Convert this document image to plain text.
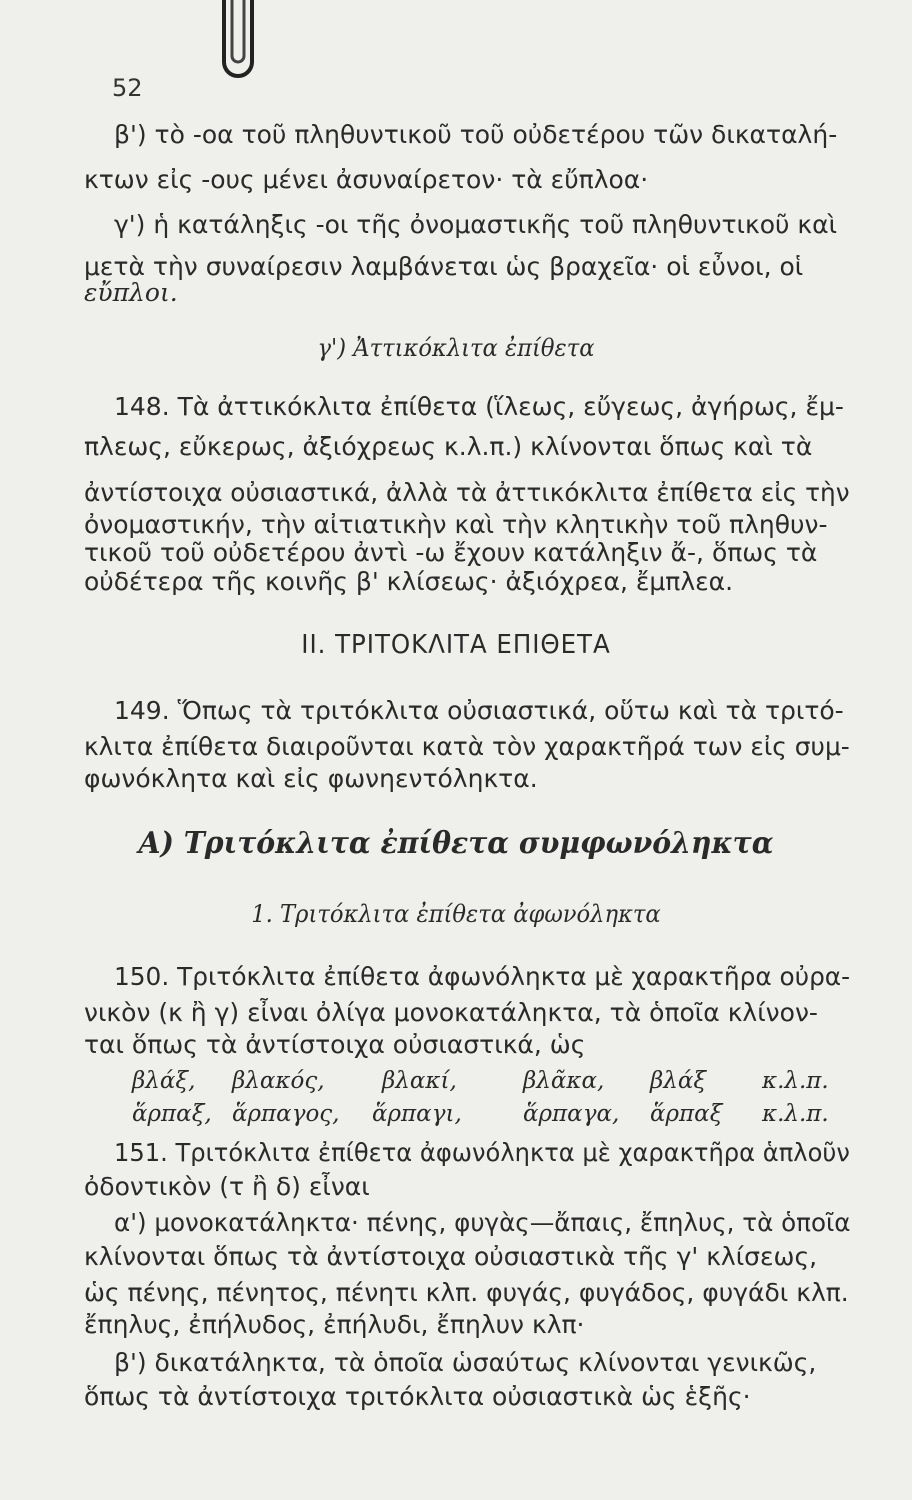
52
β') τὸ -οα τοῦ πληθυντικοῦ τοῦ οὐδετέρου τῶν δικαταλή-
κτων εἰς -ους μένει ἀσυναίρετον· τὰ εὔπλοα·
γ') ἡ κατάληξις -οι τῆς ὀνομαστικῆς τοῦ πληθυντικοῦ καὶ
μετὰ τὴν συναίρεσιν λαμβάνεται ὡς βραχεῖα· οἱ εὖνοι, οἱ
εὔπλοι.
γ') Ἀττικόκλιτα ἐπίθετα
148. Τὰ ἀττικόκλιτα ἐπίθετα (ἵλεως, εὔγεως, ἀγήρως, ἔμ-
πλεως, εὔκερως, ἀξιόχρεως κ.λ.π.) κλίνονται ὅπως καὶ τὰ
ἀντίστοιχα οὐσιαστικά, ἀλλὰ τὰ ἀττικόκλιτα ἐπίθετα εἰς τὴν
ὀνομαστικήν, τὴν αἰτιατικὴν καὶ τὴν κλητικὴν τοῦ πληθυν-
τικοῦ τοῦ οὐδετέρου ἀντὶ -ω ἔχουν κατάληξιν ἄ-, ὅπως τὰ
οὐδέτερα τῆς κοινῆς β' κλίσεως· ἀξιόχρεα, ἔμπλεα.
ΙΙ. ΤΡΙΤΟΚΛΙΤΑ ΕΠΙΘΕΤΑ
149. Ὅπως τὰ τριτόκλιτα οὐσιαστικά, οὕτω καὶ τὰ τριτό-
κλιτα ἐπίθετα διαιροῦνται κατὰ τὸν χαρακτῆρά των εἰς συμ-
φωνόκλητα καὶ εἰς φωνηεντόληκτα.
Α) Τριτόκλιτα ἐπίθετα συμφωνόληκτα
1. Τριτόκλιτα ἐπίθετα ἀφωνόληκτα
150. Τριτόκλιτα ἐπίθετα ἀφωνόληκτα μὲ χαρακτῆρα οὐρα-
νικὸν (κ ἢ γ) εἶναι ὀλίγα μονοκατάληκτα, τὰ ὁποῖα κλίνον-
ται ὅπως τὰ ἀντίστοιχα οὐσιαστικά, ὡς
βλάξ, βλακός, βλακί,	βλᾶκα, βλάξ κ.λ.π.
ἅρπαξ, ἅρπαγος, ἅρπαγι,	ἅρπαγα, ἅρπαξ κ.λ.π.
151. Τριτόκλιτα ἐπίθετα ἀφωνόληκτα μὲ χαρακτῆρα ἁπλοῦν
ὀδοντικὸν (τ ἢ δ) εἶναι
α') μονοκατάληκτα· πένης, φυγὰς—ἄπαις, ἔπηλυς, τὰ ὁποῖα
κλίνονται ὅπως τὰ ἀντίστοιχα οὐσιαστικὰ τῆς γ' κλίσεως,
ὡς πένης, πένητος, πένητι κλπ. φυγάς, φυγάδος, φυγάδι κλπ.
ἔπηλυς, ἐπήλυδος, ἐπήλυδι, ἔπηλυν κλπ·
β') δικατάληκτα, τὰ ὁποῖα ὡσαύτως κλίνονται γενικῶς,
ὅπως τὰ ἀντίστοιχα τριτόκλιτα οὐσιαστικὰ ὡς ἑξῆς·
